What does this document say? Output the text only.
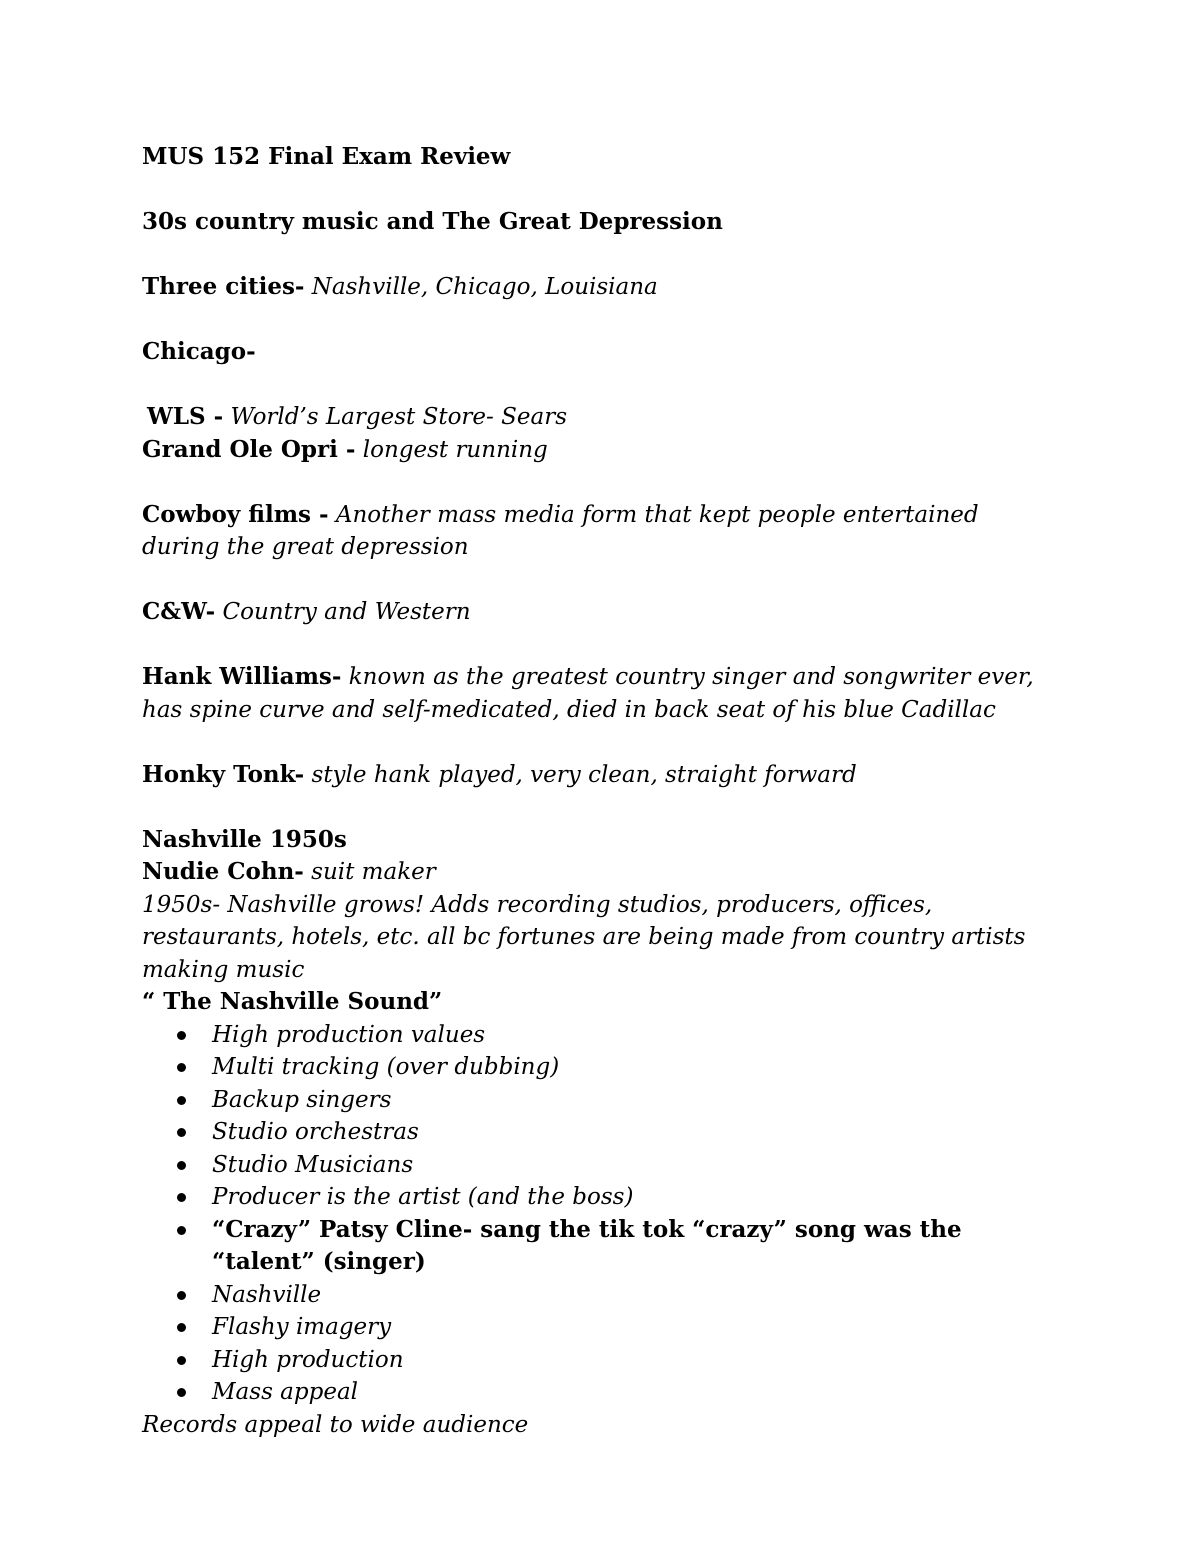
MUS 152 Final Exam Review

30s country music and The Great Depression

Three cities- Nashville, Chicago, Louisiana

Chicago-

WLS - World’s Largest Store- Sears

Grand Ole Opri - longest running

Cowboy films - Another mass media form that kept people entertained during the great depression

C&W- Country and Western

Hank Williams- known as the greatest country singer and songwriter ever, has spine curve and self-medicated, died in back seat of his blue Cadillac

Honky Tonk- style hank played, very clean, straight forward

Nashville 1950s

Nudie Cohn- suit maker

1950s- Nashville grows! Adds recording studios, producers, offices, restaurants, hotels, etc. all bc fortunes are being made from country artists making music

“ The Nashville Sound”

High production values
Multi tracking (over dubbing)
Backup singers
Studio orchestras
Studio Musicians
Producer is the artist (and the boss)
“Crazy” Patsy Cline- sang the tik tok “crazy” song was the “talent” (singer)
Nashville
Flashy imagery
High production
Mass appeal

Records appeal to wide audience
